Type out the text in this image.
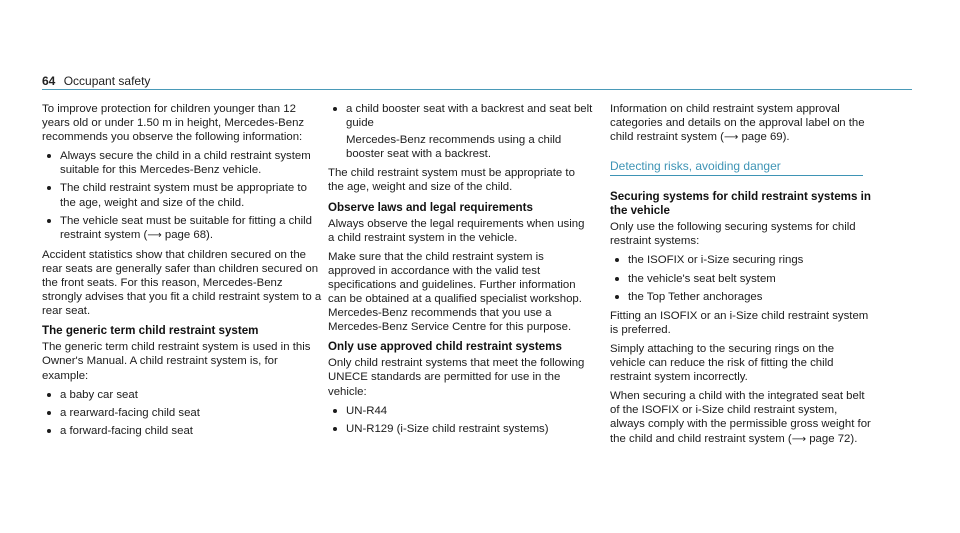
64 Occupant safety

To improve protection for children younger than 12 years old or under 1.50 m in height, Mercedes-Benz recommends you observe the following information:

Always secure the child in a child restraint system suitable for this Mercedes-Benz vehicle.
The child restraint system must be appropriate to the age, weight and size of the child.
The vehicle seat must be suitable for fitting a child restraint system (⟶ page 68).

Accident statistics show that children secured on the rear seats are generally safer than children secured on the front seats. For this reason, Mercedes-Benz strongly advises that you fit a child restraint system to a rear seat.

The generic term child restraint system

The generic term child restraint system is used in this Owner's Manual. A child restraint system is, for example:

a baby car seat
a rearward-facing child seat
a forward-facing child seat
a child booster seat with a backrest and seat belt guide
Mercedes-Benz recommends using a child booster seat with a backrest.

The child restraint system must be appropriate to the age, weight and size of the child.

Observe laws and legal requirements

Always observe the legal requirements when using a child restraint system in the vehicle.

Make sure that the child restraint system is approved in accordance with the valid test specifications and guidelines. Further information can be obtained at a qualified specialist workshop. Mercedes-Benz recommends that you use a Mercedes-Benz Service Centre for this purpose.

Only use approved child restraint systems

Only child restraint systems that meet the following UNECE standards are permitted for use in the vehicle:

UN-R44
UN-R129 (i-Size child restraint systems)

Information on child restraint system approval categories and details on the approval label on the child restraint system (⟶ page 69).

Detecting risks, avoiding danger
Securing systems for child restraint systems in the vehicle

Only use the following securing systems for child restraint systems:

the ISOFIX or i-Size securing rings
the vehicle's seat belt system
the Top Tether anchorages

Fitting an ISOFIX or an i-Size child restraint system is preferred.

Simply attaching to the securing rings on the vehicle can reduce the risk of fitting the child restraint system incorrectly.

When securing a child with the integrated seat belt of the ISOFIX or i-Size child restraint system, always comply with the permissible gross weight for the child and child restraint system (⟶ page 72).
